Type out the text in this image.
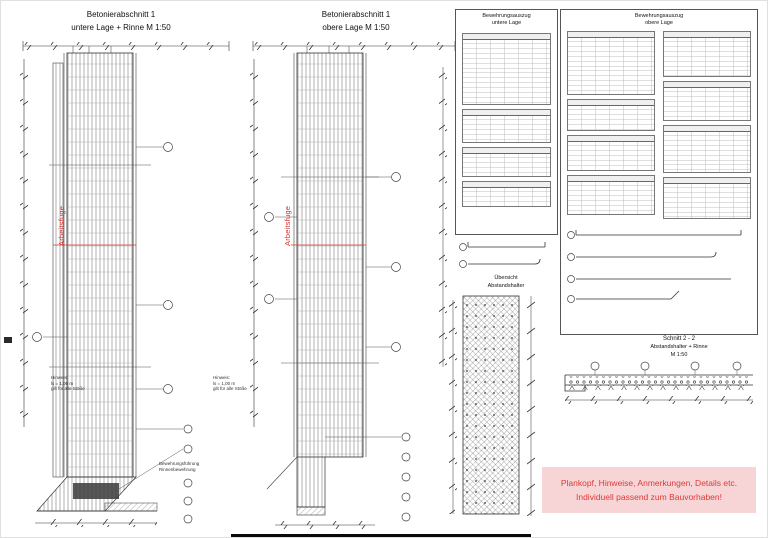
Betonierabschnitt 1
untere Lage + Rinne M 1:50
Arbeitsfuge
Hinweis:
ls = 1,00 m
gilt für alle Stöße
Bewehrungsführung
Rinnenbewehrung
Betonierabschnitt 1
obere Lage M 1:50
Arbeitsfuge
Hinweis:
ls = 1,00 m
gilt für alle Stöße
Bewehrungsauszug
untere Lage
Bewehrungsauszug
obere Lage
Übersicht
Abstandshalter
Schnitt 2 - 2
Abstandshalter + Rinne
M 1:50
Plankopf, Hinweise, Anmerkungen, Details etc.
Individuell passend zum Bauvorhaben!
